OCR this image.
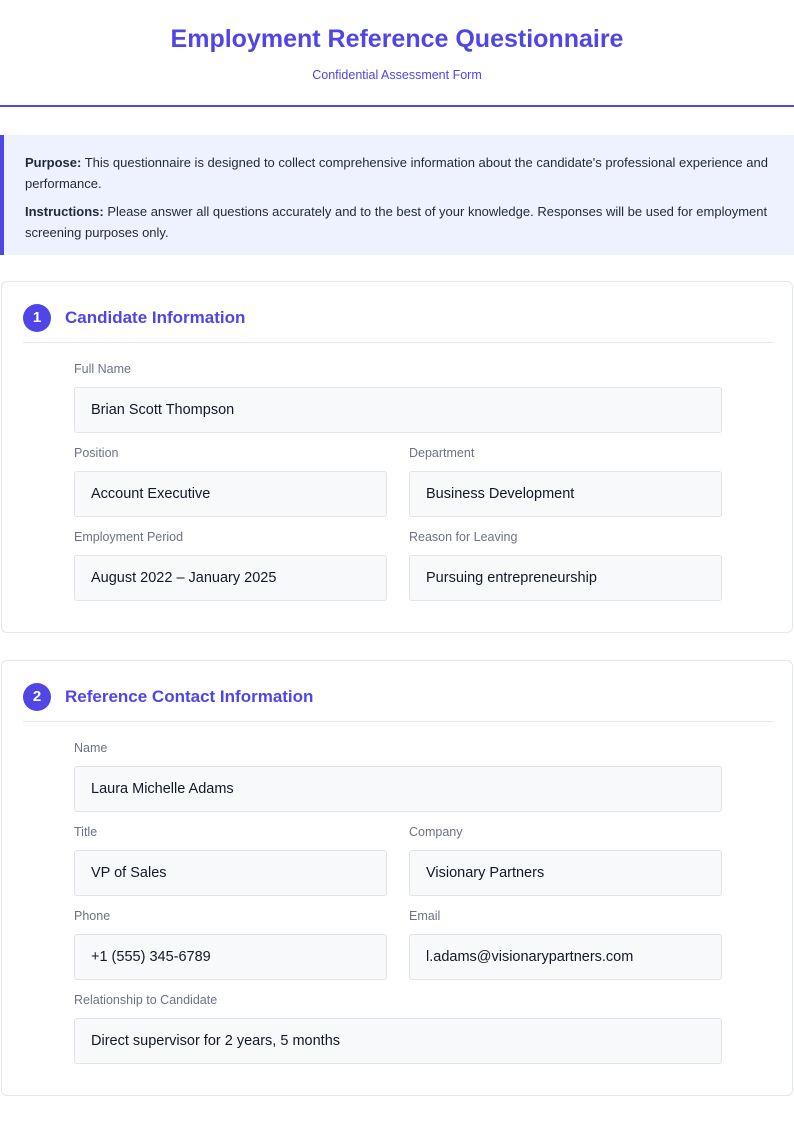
Employment Reference Questionnaire
Confidential Assessment Form

Purpose: This questionnaire is designed to collect comprehensive information about the candidate's professional experience and performance.

Instructions: Please answer all questions accurately and to the best of your knowledge. Responses will be used for employment screening purposes only.

1	Candidate Information
Full Name
Brian Scott Thompson
Position
Account Executive
Department
Business Development
Employment Period
August 2022 – January 2025
Reason for Leaving
Pursuing entrepreneurship
2	Reference Contact Information
Name
Laura Michelle Adams
Title
VP of Sales
Company
Visionary Partners
Phone
+1 (555) 345-6789
Email
l.adams@visionarypartners.com
Relationship to Candidate
Direct supervisor for 2 years, 5 months
